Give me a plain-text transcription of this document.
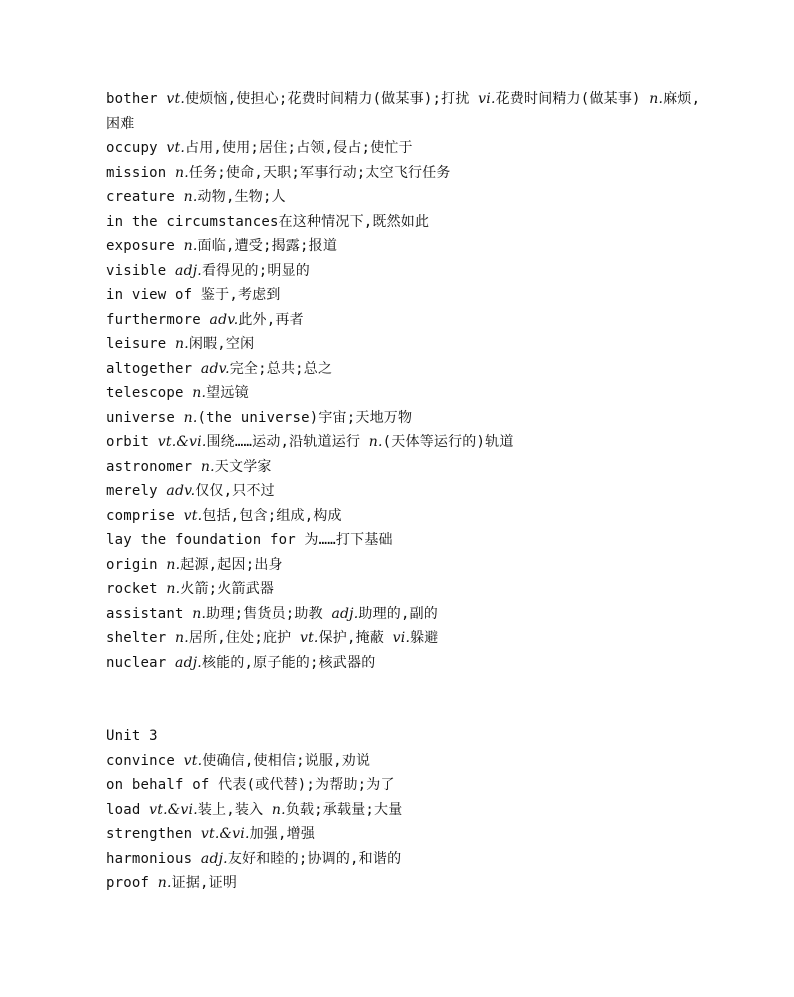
bother vt.使烦恼,使担心;花费时间精力(做某事);打扰 vi.花费时间精力(做某事) n.麻烦,困难
occupy vt.占用,使用;居住;占领,侵占;使忙于
mission n.任务;使命,天职;军事行动;太空飞行任务
creature n.动物,生物;人
in the circumstances在这种情况下,既然如此
exposure n.面临,遭受;揭露;报道
visible adj.看得见的;明显的
in view of 鉴于,考虑到
furthermore adv.此外,再者
leisure n.闲暇,空闲
altogether adv.完全;总共;总之
telescope n.望远镜
universe n.(the universe)宇宙;天地万物
orbit vt.&vi.围绕……运动,沿轨道运行 n.(天体等运行的)轨道
astronomer n.天文学家
merely adv.仅仅,只不过
comprise vt.包括,包含;组成,构成
lay the foundation for 为……打下基础
origin n.起源,起因;出身
rocket n.火箭;火箭武器
assistant n.助理;售货员;助教 adj.助理的,副的
shelter n.居所,住处;庇护 vt.保护,掩蔽 vi.躲避
nuclear adj.核能的,原子能的;核武器的
Unit 3
convince vt.使确信,使相信;说服,劝说
on behalf of 代表(或代替);为帮助;为了
load vt.&vi.装上,装入 n.负载;承载量;大量
strengthen vt.&vi.加强,增强
harmonious adj.友好和睦的;协调的,和谐的
proof n.证据,证明
